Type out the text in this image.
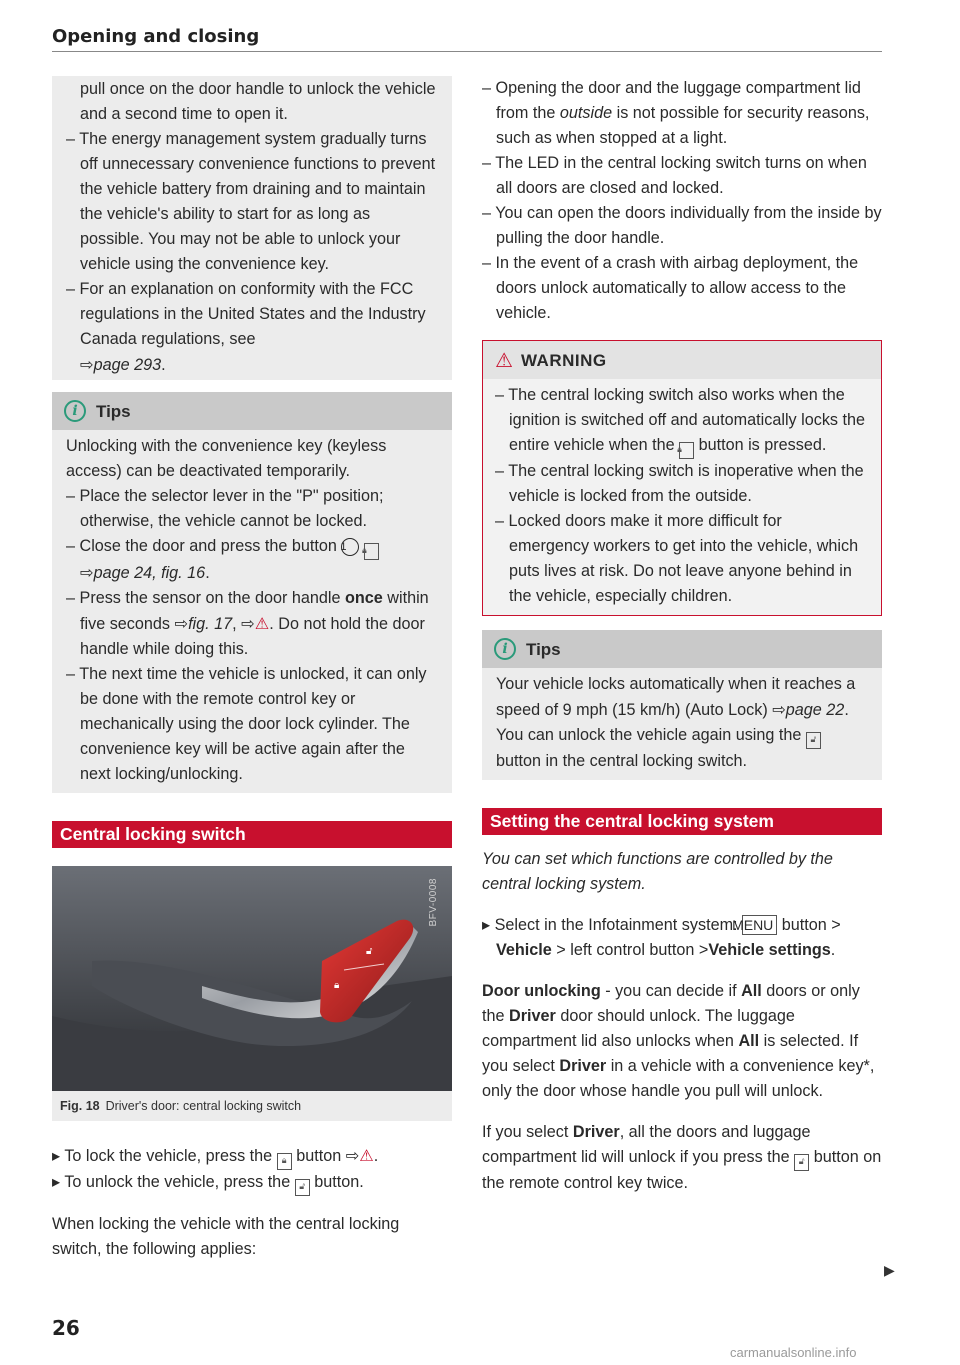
Opening and closing

pull once on the door handle to unlock the vehicle and a second time to open it.

– The energy management system gradually turns off unnecessary convenience functions to prevent the vehicle battery from draining and to maintain the vehicle's ability to start for as long as possible. You may not be able to unlock your vehicle using the convenience key.

– For an explanation on conformity with the FCC regulations in the United States and the Industry Canada regulations, see
⇨page 293.

i	Tips

Unlocking with the convenience key (keyless access) can be deactivated temporarily.

– Place the selector lever in the "P" position; otherwise, the vehicle cannot be locked.

– Close the door and press the button 1 🔒︎
⇨page 24, fig. 16.

– Press the sensor on the door handle once within five seconds ⇨fig. 17, ⇨⚠. Do not hold the door handle while doing this.

– The next time the vehicle is unlocked, it can only be done with the remote control key or mechanically using the door lock cylinder. The convenience key will be active again after the next locking/unlocking.

Central locking switch
🔓︎
🔒︎
BFV-0008
Fig. 18 Driver's door: central locking switch

▸ To lock the vehicle, press the 🔒︎ button ⇨⚠.

▸ To unlock the vehicle, press the 🔓︎ button.

When locking the vehicle with the central locking switch, the following applies:

– Opening the door and the luggage compartment lid from the outside is not possible for security reasons, such as when stopped at a light.

– The LED in the central locking switch turns on when all doors are closed and locked.

– You can open the doors individually from the inside by pulling the door handle.

– In the event of a crash with airbag deployment, the doors unlock automatically to allow access to the vehicle.

⚠ WARNING

– The central locking switch also works when the ignition is switched off and automatically locks the entire vehicle when the 🔒︎ button is pressed.

– The central locking switch is inoperative when the vehicle is locked from the outside.

– Locked doors make it more difficult for emergency workers to get into the vehicle, which puts lives at risk. Do not leave anyone behind in the vehicle, especially children.

i	Tips

Your vehicle locks automatically when it reaches a speed of 9 mph (15 km/h) (Auto Lock) ⇨page 22. You can unlock the vehicle again using the 🔓︎ button in the central locking switch.

Setting the central locking system

You can set which functions are controlled by the central locking system.

▸ Select in the Infotainment system: MENU button > Vehicle > left control button >Vehicle settings.

Door unlocking - you can decide if All doors or only the Driver door should unlock. The luggage compartment lid also unlocks when All is selected. If you select Driver in a vehicle with a convenience key*, only the door whose handle you pull will unlock.

If you select Driver, all the doors and luggage compartment lid will unlock if you press the 🔓︎ button on the remote control key twice.

▶
26
carmanualsonline.info
